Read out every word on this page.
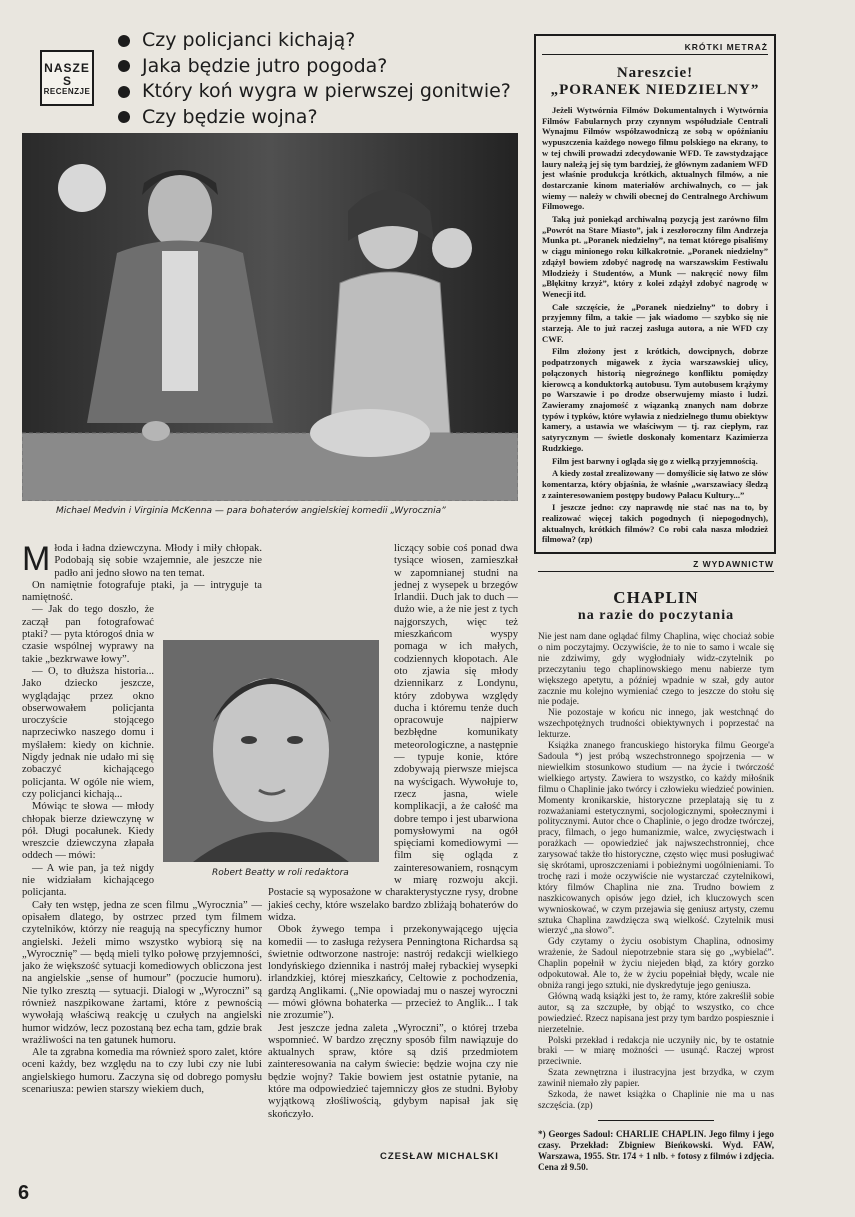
NASZE
S
RECENZJE
Czy policjanci kichają?
Jaka będzie jutro pogoda?
Który koń wygra w pierwszej gonitwie?
Czy będzie wojna?
Michael Medvin i Virginia McKenna — para bohaterów angielskiej komedii „Wyrocznia”

Młoda i ładna dziewczyna. Młody i miły chłopak. Podobają się sobie wzajemnie, ale jeszcze nie padło ani jedno słowo na ten temat.

On namiętnie fotografuje ptaki, ja — intryguje ta namiętność.

— Jak do tego doszło, że zaczął pan fotografować ptaki? — pyta którogoś dnia w czasie wspólnej wyprawy na takie „bezkrwawe łowy”.

— O, to dłuższa historia... Jako dziecko jeszcze, wyglądając przez okno obserwowałem policjanta uroczyście stojącego naprzeciwko naszego domu i myślałem: kiedy on kichnie. Nigdy jednak nie udało mi się zobaczyć kichającego policjanta. W ogóle nie wiem, czy policjanci kichają...

Mówiąc te słowa — młody chłopak bierze dziewczynę w pół. Długi pocałunek. Kiedy wreszcie dziewczyna złapała oddech — mówi:

— A wie pan, ja też nigdy nie widziałam kichającego policjanta.

Cały ten wstęp, jedna ze scen filmu „Wyrocznia” — opisałem dlatego, by ostrzec przed tym filmem czytelników, którzy nie reagują na specyficzny humor angielski. Jeżeli mimo wszystko wybiorą się na „Wyrocznię” — będą mieli tylko połowę przyjemności, jako że większość sytuacji komediowych obliczona jest na angielskie „sense of humour” (poczucie humoru). Nie tylko zresztą — sytuacji. Dialogi w „Wyroczni” są również naszpikowane żartami, które z pewnością wywołają właściwą reakcję u czułych na angielski humor widzów, lecz pozostaną bez echa tam, gdzie brak wrażliwości na ten gatunek humoru.

Ale ta zgrabna komedia ma również sporo zalet, które oceni każdy, bez względu na to czy lubi czy nie lubi angielskiego humoru. Zaczyna się od dobrego pomysłu scenariusza: pewien starszy wiekiem duch,

Robert Beatty w roli redaktora

liczący sobie coś ponad dwa tysiące wiosen, zamieszkał w zapomnianej studni na jednej z wysepek u brzegów Irlandii. Duch jak to duch — dużo wie, a że nie jest z tych najgorszych, więc też mieszkańcom wyspy pomaga w ich małych, codziennych kłopotach. Ale oto zjawia się młody dziennikarz z Londynu, który zdobywa względy ducha i któremu tenże duch opracowuje najpierw bezbłędne komunikaty meteorologiczne, a następnie — typuje konie, które zdobywają pierwsze miejsca na wyścigach. Wywołuje to, rzecz jasna, wiele komplikacji, a że całość ma dobre tempo i jest ubarwiona pomysłowymi na ogół spięciami komediowymi — film się ogląda z zainteresowaniem, rosnącym w miarę rozwoju akcji. Postacie są wyposażone w charakterystyczne rysy, drobne jakieś cechy, które wszelako bardzo zbliżają bohaterów do widza.

Obok żywego tempa i przekonywającego ujęcia komedii — to zasługa reżysera Penningtona Richardsa są świetnie odtworzone nastroje: nastrój redakcji wielkiego londyńskiego dziennika i nastrój małej rybackiej wysepki irlandzkiej, której mieszkańcy, Celtowie z pochodzenia, gardzą Anglikami. („Nie opowiadaj mu o naszej wyroczni — mówi główna bohaterka — przecież to Anglik... I tak nie zrozumie”).

Jest jeszcze jedna zaleta „Wyroczni”, o której trzeba wspomnieć. W bardzo zręczny sposób film nawiązuje do aktualnych spraw, które są dziś przedmiotem zainteresowania na całym świecie: będzie wojna czy nie będzie wojny? Takie bowiem jest ostatnie pytanie, na które ma odpowiedzieć tajemniczy głos ze studni. Byłoby wyjątkową złośliwością, gdybym napisał jak się skończyło.

CZESŁAW MICHALSKI
KRÓTKI METRAŻ
Nareszcie!
„PORANEK NIEDZIELNY”

Jeżeli Wytwórnia Filmów Dokumentalnych i Wytwórnia Filmów Fabularnych przy czynnym współudziale Centrali Wynajmu Filmów współzawodniczą ze sobą w opóźnianiu wypuszczenia każdego nowego filmu polskiego na ekrany, to w tej chwili prowadzi zdecydowanie WFD. Te zawstydzające laury należą jej się tym bardziej, że głównym zadaniem WFD jest właśnie produkcja krótkich, aktualnych filmów, a nie dostarczanie kinom materiałów archiwalnych, co — jak wiemy — należy w chwili obecnej do Centralnego Archiwum Filmowego.

Taką już poniekąd archiwalną pozycją jest zarówno film „Powrót na Stare Miasto”, jak i zeszłoroczny film Andrzeja Munka pt. „Poranek niedzielny”, na temat którego pisaliśmy w ciągu minionego roku kilkakrotnie. „Poranek niedzielny” zdążył bowiem zdobyć nagrodę na warszawskim Festiwalu Młodzieży i Studentów, a Munk — nakręcić nowy film „Błękitny krzyż”, który z kolei zdążył zdobyć nagrodę w Wenecji itd.

Całe szczęście, że „Poranek niedzielny” to dobry i przyjemny film, a takie — jak wiadomo — szybko się nie starzeją. Ale to już raczej zasługa autora, a nie WFD czy CWF.

Film złożony jest z krótkich, dowcipnych, dobrze podpatrzonych migawek z życia warszawskiej ulicy, połączonych historią niegroźnego konfliktu pomiędzy kierowcą a konduktorką autobusu. Tym autobusem krążymy po Warszawie i po drodze obserwujemy miasto i ludzi. Zawieramy znajomość z wiązanką znanych nam dobrze typów i typków, które wyławia z niedzielnego tłumu obiektyw kamery, a ustawia we właściwym — tj. raz ciepłym, raz satyrycznym — świetle doskonały komentarz Kazimierza Rudzkiego.

Film jest barwny i ogląda się go z wielką przyjemnością.

A kiedy został zrealizowany — domyślicie się łatwo ze słów komentarza, który objaśnia, że właśnie „warszawiacy śledzą z zainteresowaniem postępy budowy Pałacu Kultury...”

I jeszcze jedno: czy naprawdę nie stać nas na to, by realizować więcej takich pogodnych (i niepogodnych), aktualnych, krótkich filmów? Co robi cała nasza młodzież filmowa? (zp)

Z WYDAWNICTW
CHAPLIN
na razie do poczytania

Nie jest nam dane oglądać filmy Chaplina, więc chociaż sobie o nim poczytajmy. Oczywiście, że to nie to samo i wcale się nie zdziwimy, gdy wygłodniały widz-czytelnik po przeczytaniu tego chaplinowskiego menu nabierze tym większego apetytu, a później wpadnie w szał, gdy autor zacznie mu kolejno wymieniać czego to jeszcze do stołu się nie podaje.

Nie pozostaje w końcu nic innego, jak westchnąć do wszechpotężnych trudności obiektywnych i poprzestać na lekturze.

Książka znanego francuskiego historyka filmu George'a Sadoula *) jest próbą wszechstronnego spojrzenia — w niewielkim stosunkowo studium — na życie i twórczość wielkiego artysty. Zawiera to wszystko, co każdy miłośnik filmu o Chaplinie jako twórcy i człowieku wiedzieć powinien. Momenty kronikarskie, historyczne przeplatają się tu z rozważaniami estetycznymi, socjologicznymi, społecznymi i politycznymi. Autor chce o Chaplinie, o jego drodze twórczej, pracy, filmach, o jego humanizmie, walce, zwycięstwach i porażkach — opowiedzieć jak najwszechstronniej, chce zarysować także tło historyczne, często więc musi posługiwać się skrótami, uproszczeniami i pobieżnymi uogólnieniami. To trochę razi i może oczywiście nie wystarczać czytelnikowi, który filmów Chaplina nie zna. Trudno bowiem z naszkicowanych opisów jego dzieł, ich kluczowych scen wywnioskować, w czym przejawia się geniusz artysty, czemu sztuka Chaplina zawdzięcza swą wielkość. Czytelnik musi wierzyć „na słowo”.

Gdy czytamy o życiu osobistym Chaplina, odnosimy wrażenie, że Sadoul niepotrzebnie stara się go „wybielać”. Chaplin popełnił w życiu niejeden błąd, za który gorzko odpokutował. Ale to, że w życiu popełniał błędy, wcale nie obniża rangi jego sztuki, nie dyskredytuje jego geniusza.

Główną wadą książki jest to, że ramy, które zakreślił sobie autor, są za szczupłe, by objąć to wszystko, co chce powiedzieć. Rzecz napisana jest przy tym bardzo pospiesznie i nierzetelnie.

Polski przekład i redakcja nie uczyniły nic, by te ostatnie braki — w miarę możności — usunąć. Raczej wprost przeciwnie.

Szata zewnętrzna i ilustracyjna jest brzydka, w czym zawinił niemało zły papier.

Szkoda, że nawet książka o Chaplinie nie ma u nas szczęścia. (zp)

*) Georges Sadoul: CHARLIE CHAPLIN. Jego filmy i jego czasy. Przekład: Zbigniew Bieńkowski. Wyd. FAW, Warszawa, 1955. Str. 174 + 1 nlb. + fotosy z filmów i zdjęcia. Cena zł 9.50.
6
